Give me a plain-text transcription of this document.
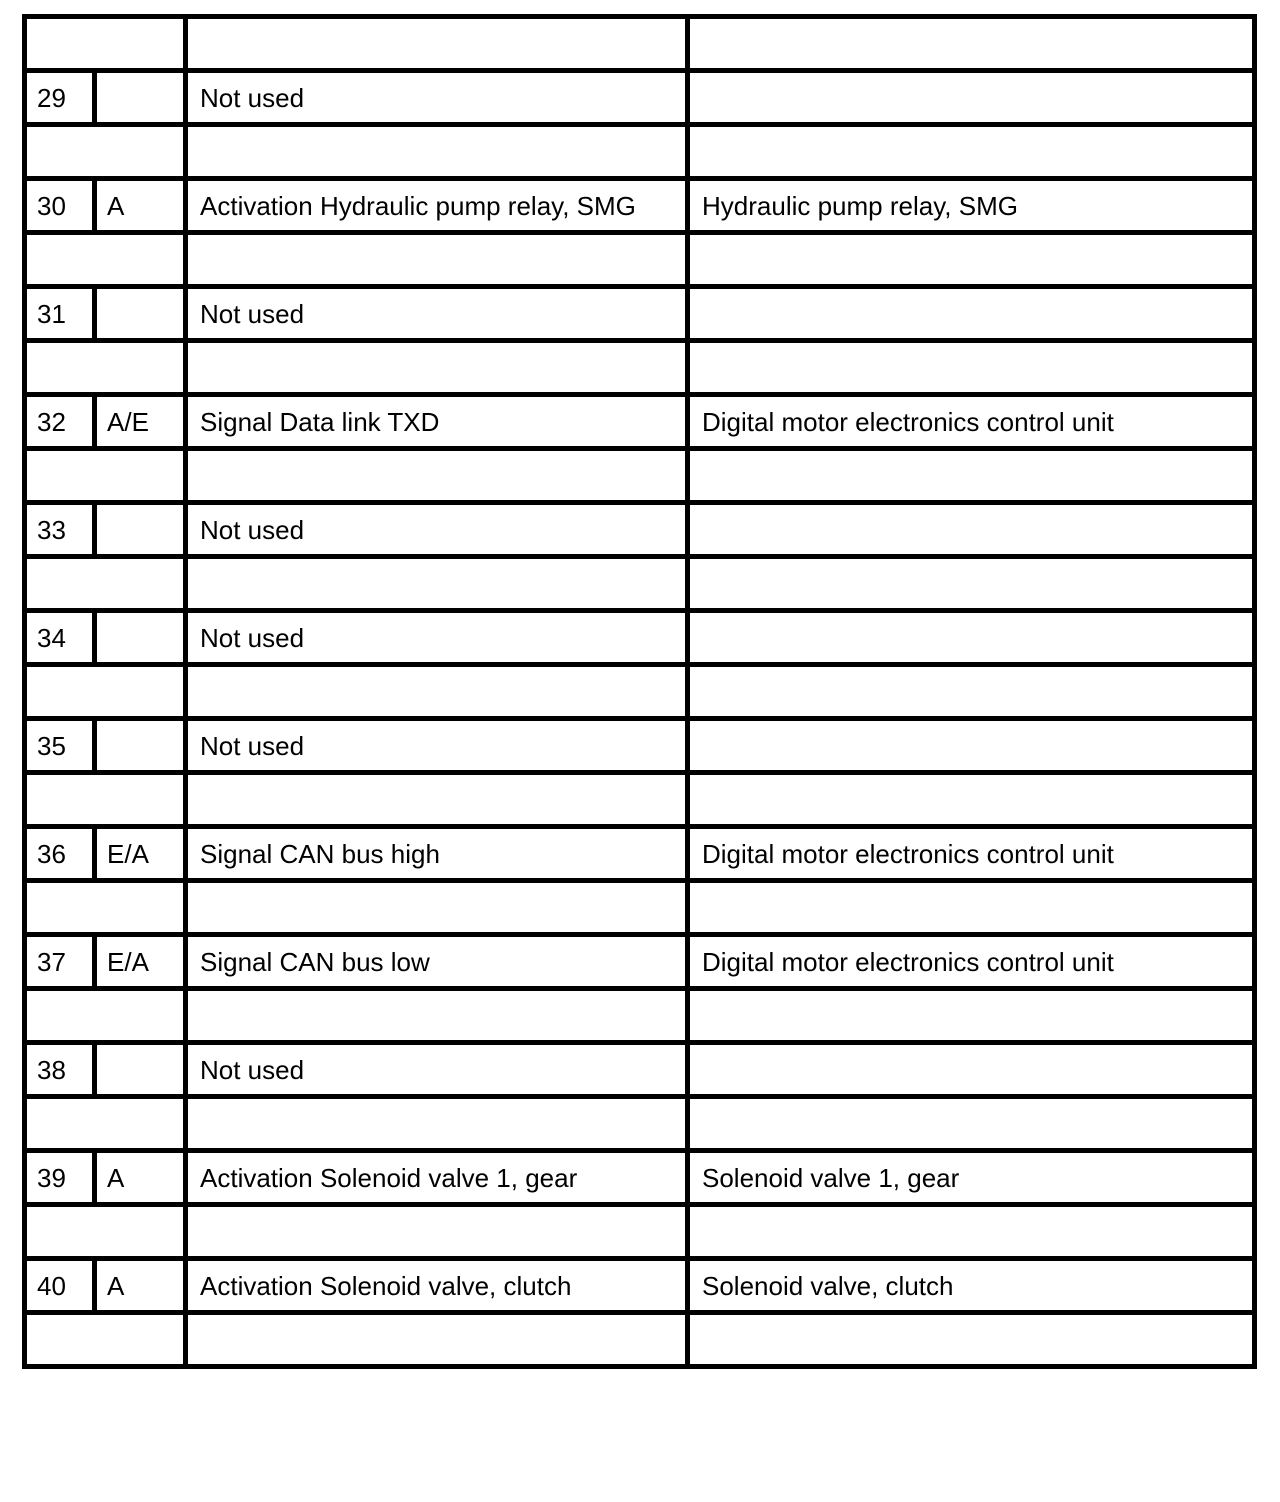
29		Not used	

30	A	Activation Hydraulic pump relay, SMG	Hydraulic pump relay, SMG

31		Not used	

32	A/E	Signal Data link TXD	Digital motor electronics control unit

33		Not used	

34		Not used	

35		Not used	

36	E/A	Signal CAN bus high	Digital motor electronics control unit

37	E/A	Signal CAN bus low	Digital motor electronics control unit

38		Not used	

39	A	Activation Solenoid valve 1, gear	Solenoid valve 1, gear

40	A	Activation Solenoid valve, clutch	Solenoid valve, clutch
